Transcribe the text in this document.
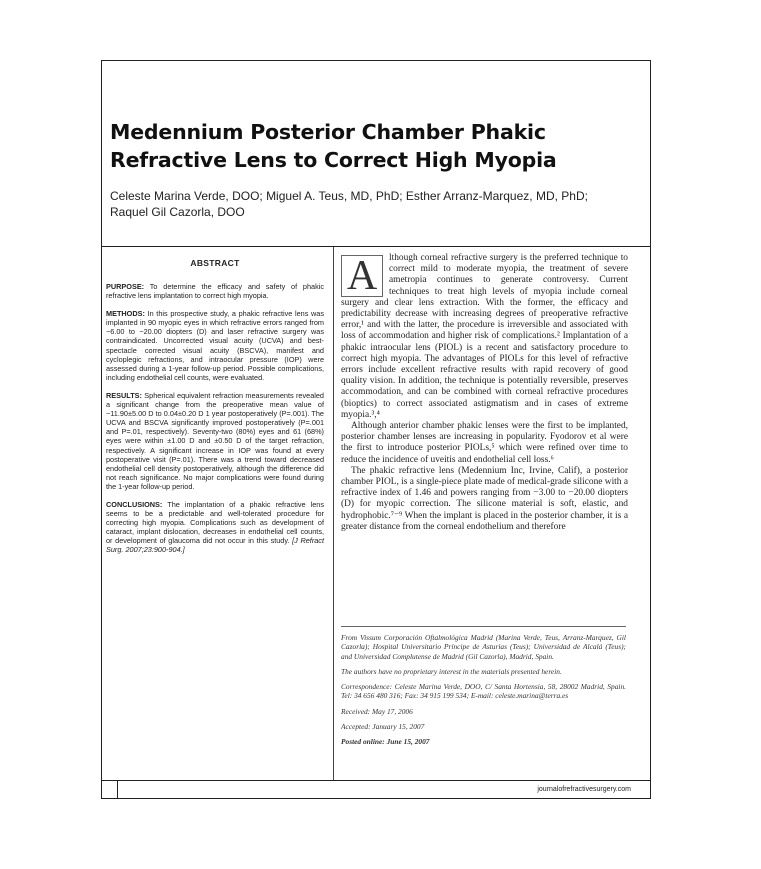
Medennium Posterior Chamber Phakic
Refractive Lens to Correct High Myopia

Celeste Marina Verde, DOO; Miguel A. Teus, MD, PhD; Esther Arranz-Marquez, MD, PhD;
Raquel Gil Cazorla, DOO

ABSTRACT

PURPOSE: To determine the efficacy and safety of phakic refractive lens implantation to correct high myopia.

METHODS: In this prospective study, a phakic refractive lens was implanted in 90 myopic eyes in which refractive errors ranged from −6.00 to −20.00 diopters (D) and laser refractive surgery was contraindicated. Uncorrected visual acuity (UCVA) and best-spectacle corrected visual acuity (BSCVA), manifest and cycloplegic refractions, and intraocular pressure (IOP) were assessed during a 1-year follow-up period. Possible complications, including endothelial cell counts, were evaluated.

RESULTS: Spherical equivalent refraction measurements revealed a significant change from the preoperative mean value of −11.90±5.00 D to 0.04±0.20 D 1 year postoperatively (P=.001). The UCVA and BSCVA significantly improved postoperatively (P=.001 and P=.01, respectively). Seventy-two (80%) eyes and 61 (68%) eyes were within ±1.00 D and ±0.50 D of the target refraction, respectively. A significant increase in IOP was found at every postoperative visit (P=.01). There was a trend toward decreased endothelial cell density postoperatively, although the difference did not reach significance. No major complications were found during the 1-year follow-up period.

CONCLUSIONS: The implantation of a phakic refractive lens seems to be a predictable and well-tolerated procedure for correcting high myopia. Complications such as development of cataract, implant dislocation, decreases in endothelial cell counts, or development of glaucoma did not occur in this study. [J Refract Surg. 2007;23:900-904.]

A	lthough corneal refractive surgery is the preferred technique to correct mild to moderate myopia, the treatment of severe ametropia continues to generate controversy. Current techniques to treat high levels of myopia include corneal surgery and clear lens extraction. With the former, the efficacy and predictability decrease with increasing degrees of preoperative refractive error,¹ and with the latter, the procedure is irreversible and associated with loss of accommodation and higher risk of complications.² Implantation of a phakic intraocular lens (PIOL) is a recent and satisfactory procedure to correct high myopia. The advantages of PIOLs for this level of refractive errors include excellent refractive results with rapid recovery of good quality vision. In addition, the technique is potentially reversible, preserves accommodation, and can be combined with corneal refractive procedures (bioptics) to correct associated astigmatism and in cases of extreme myopia.³,⁴

Although anterior chamber phakic lenses were the first to be implanted, posterior chamber lenses are increasing in popularity. Fyodorov et al were the first to introduce posterior PIOLs,⁵ which were refined over time to reduce the incidence of uveitis and endothelial cell loss.⁶

The phakic refractive lens (Medennium Inc, Irvine, Calif), a posterior chamber PIOL, is a single-piece plate made of medical-grade silicone with a refractive index of 1.46 and powers ranging from −3.00 to −20.00 diopters (D) for myopic correction. The silicone material is soft, elastic, and hydrophobic.⁷⁻⁹ When the implant is placed in the posterior chamber, it is a greater distance from the corneal endothelium and therefore

From Vissum Corporación Oftalmológica Madrid (Marina Verde, Teus, Arranz-Marquez, Gil Cazorla); Hospital Universitario Príncipe de Asturias (Teus); Universidad de Alcalá (Teus); and Universidad Complutense de Madrid (Gil Cazorla), Madrid, Spain.

The authors have no proprietary interest in the materials presented herein.

Correspondence: Celeste Marina Verde, DOO, C/ Santa Hortensia, 58, 28002 Madrid, Spain. Tel: 34 656 480 316; Fax: 34 915 199 534; E-mail: celeste.marina@terra.es

Received: May 17, 2006

Accepted: January 15, 2007

Posted online: June 15, 2007

journalofrefractivesurgery.com
